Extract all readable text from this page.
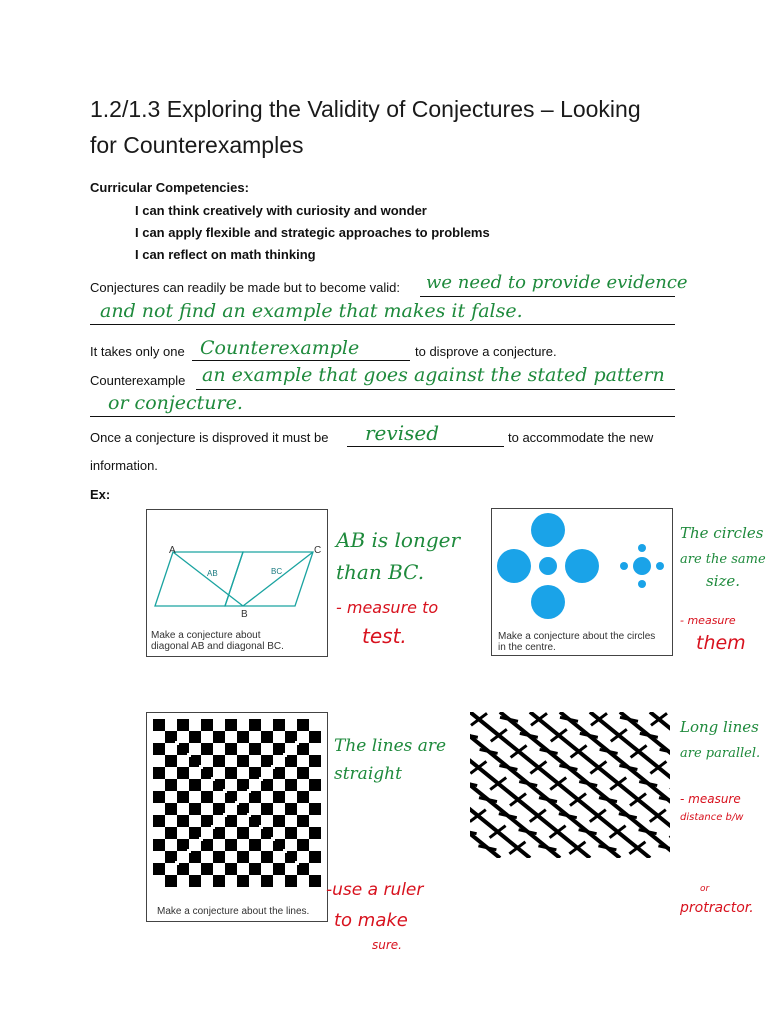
1.2/1.3 Exploring the Validity of Conjectures – Looking
for Counterexamples
Curricular Competencies:
I can think creatively with curiosity and wonder
I can apply flexible and strategic approaches to problems
I can reflect on math thinking
Conjectures can readily be made but to become valid: we need to provide evidence
and not find an example that makes it false.
It takes only one Counterexample	to disprove a conjecture.
Counterexample an example that goes against the stated pattern
or conjecture.
Once a conjecture is disproved it must be revised	to accommodate the new
information.
Ex:
A
B
C
AB	BC
Make a conjecture about
diagonal AB and diagonal BC.
AB is longer
than BC.
- measure to
test.	Make a conjecture about the circles
in the centre.
The circles
are the same
size.
- measure
them
Make a conjecture about the lines.
The lines are
straight
-use a ruler
to make
sure.
Long lines
are parallel.
- measure
distance b/w
or
protractor.
